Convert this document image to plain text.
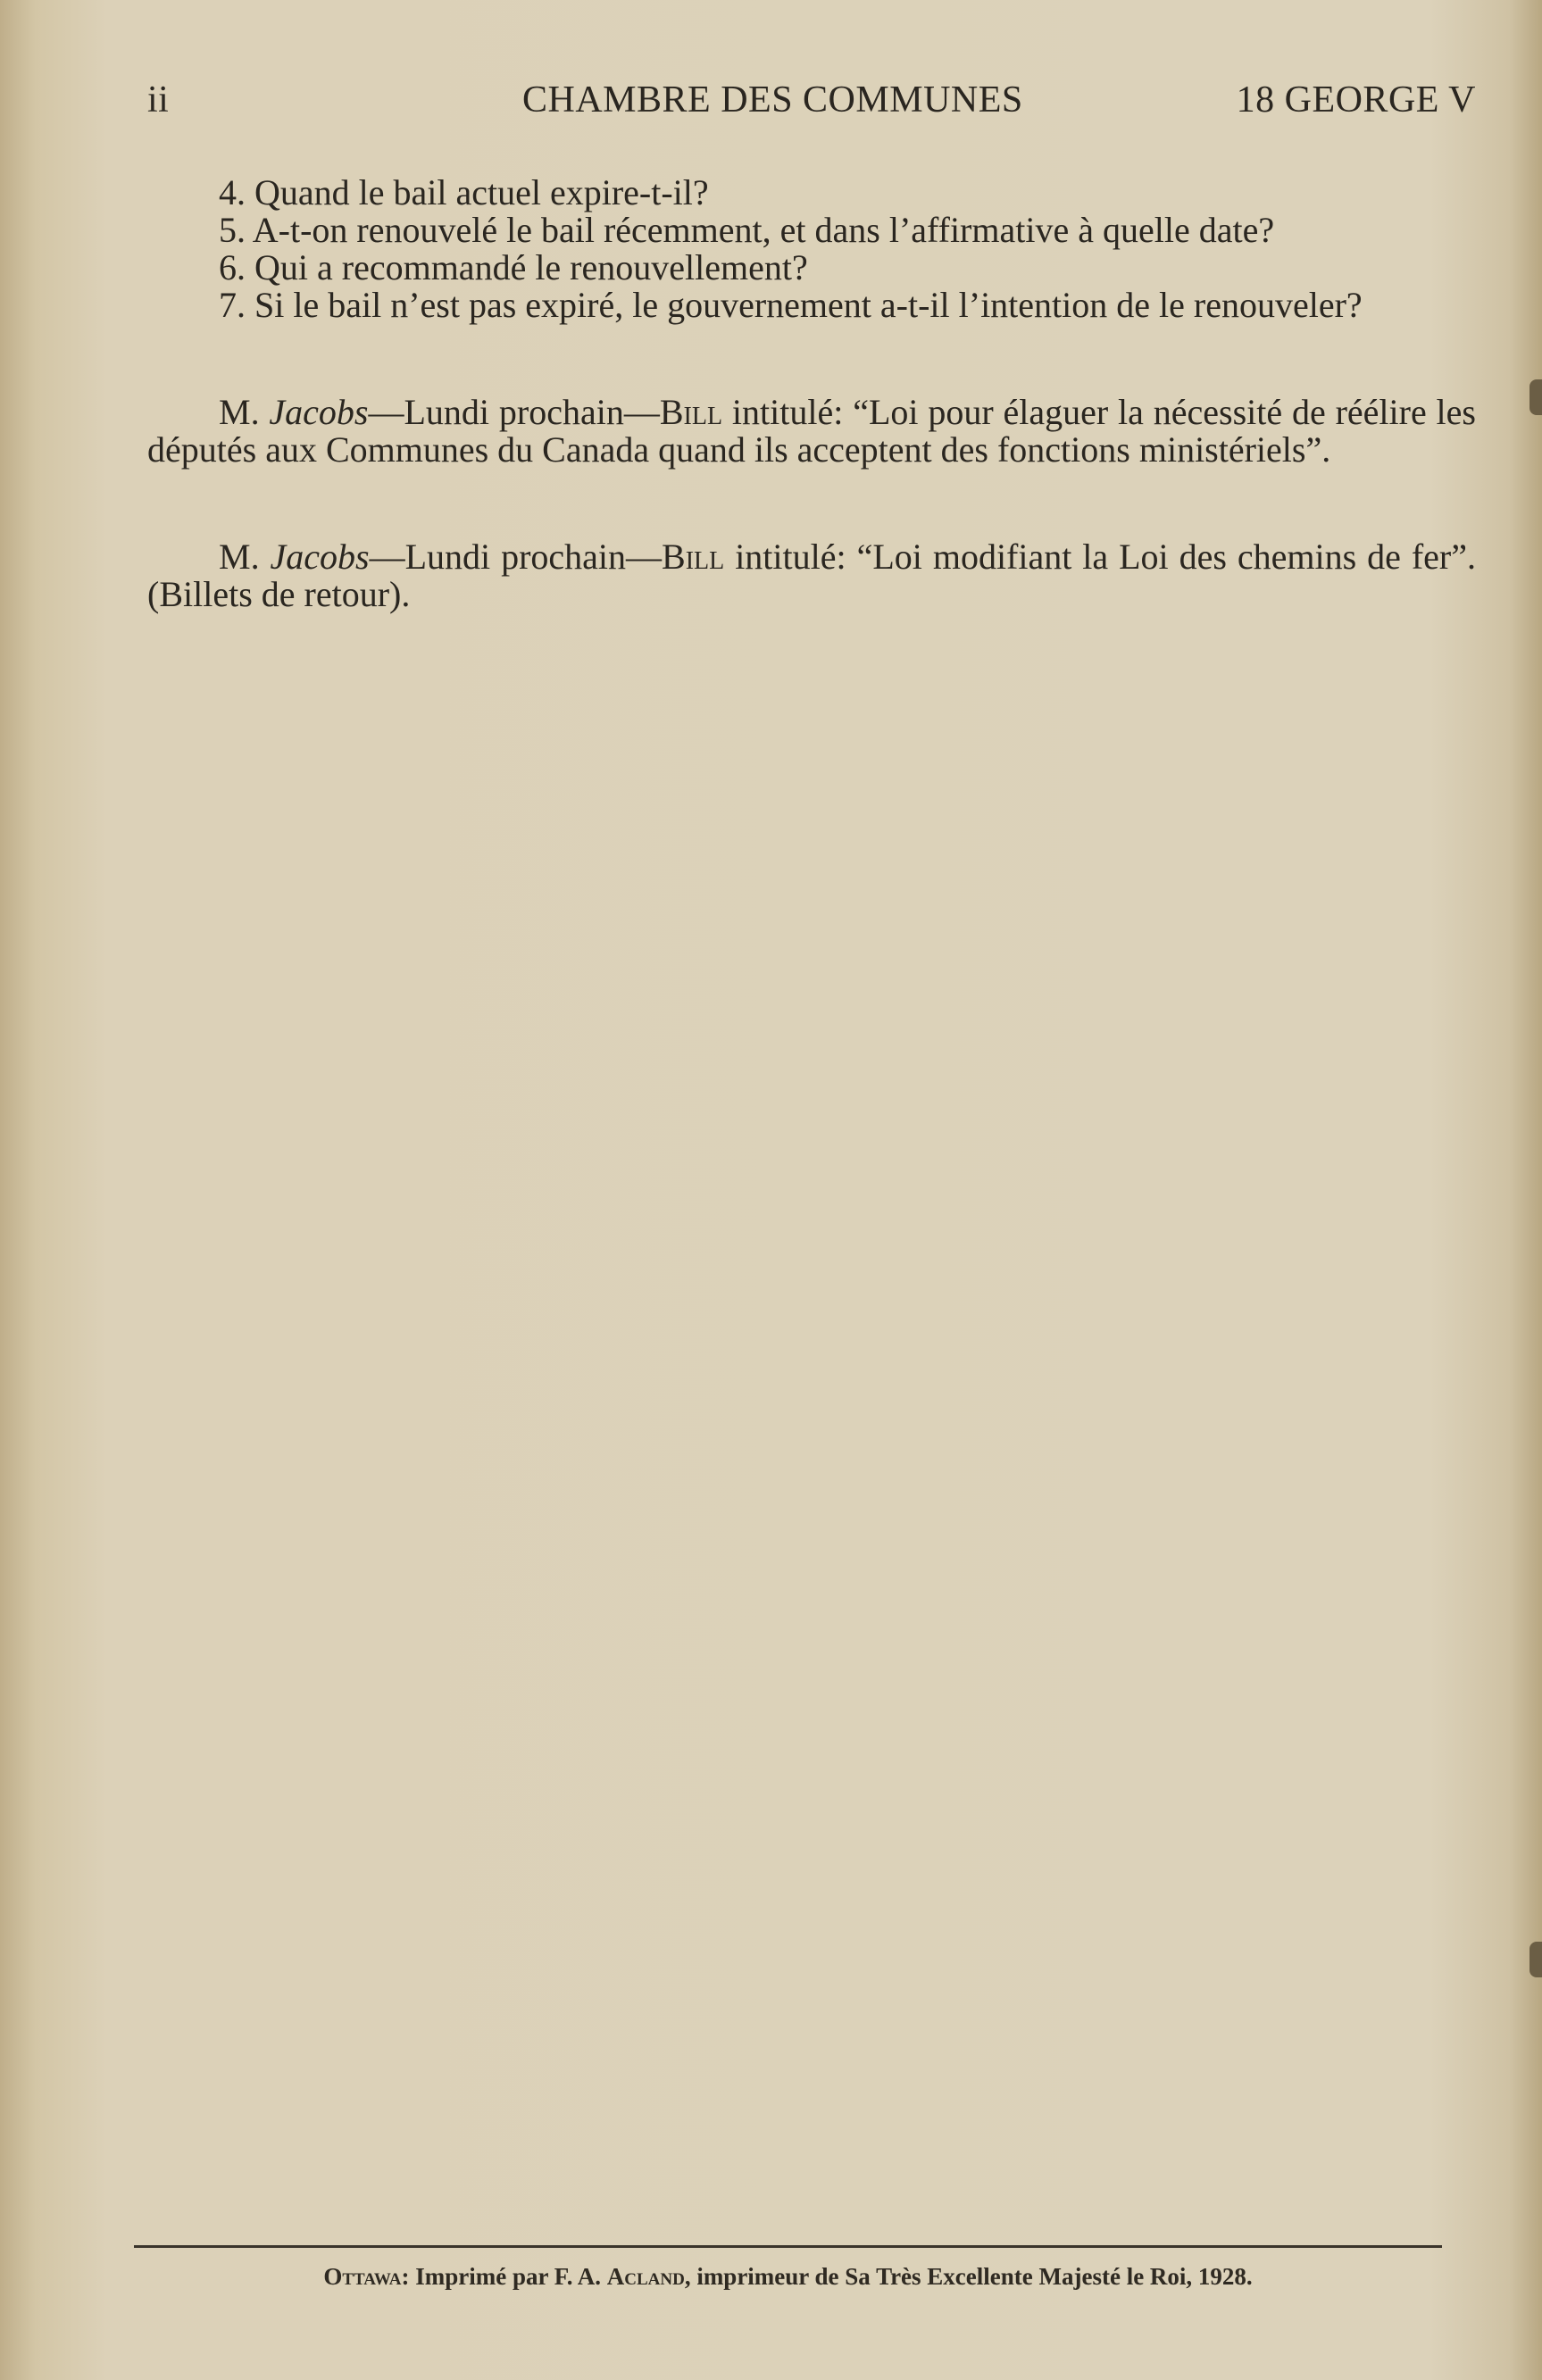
ii	CHAMBRE DES COMMUNES	18 GEORGE V

4. Quand le bail actuel expire-t-il?

5. A-t-on renouvelé le bail récemment, et dans l’affirmative à quelle date?

6. Qui a recommandé le renouvellement?

7. Si le bail n’est pas expiré, le gouvernement a-t-il l’intention de le renouveler?

M. Jacobs—Lundi prochain—Bill intitulé: “Loi pour élaguer la nécessité de réélire les députés aux Communes du Canada quand ils acceptent des fonctions ministériels”.

M. Jacobs—Lundi prochain—Bill intitulé: “Loi modifiant la Loi des chemins de fer”. (Billets de retour).

Ottawa: Imprimé par F. A. Acland, imprimeur de Sa Très Excellente Majesté le Roi, 1928.
